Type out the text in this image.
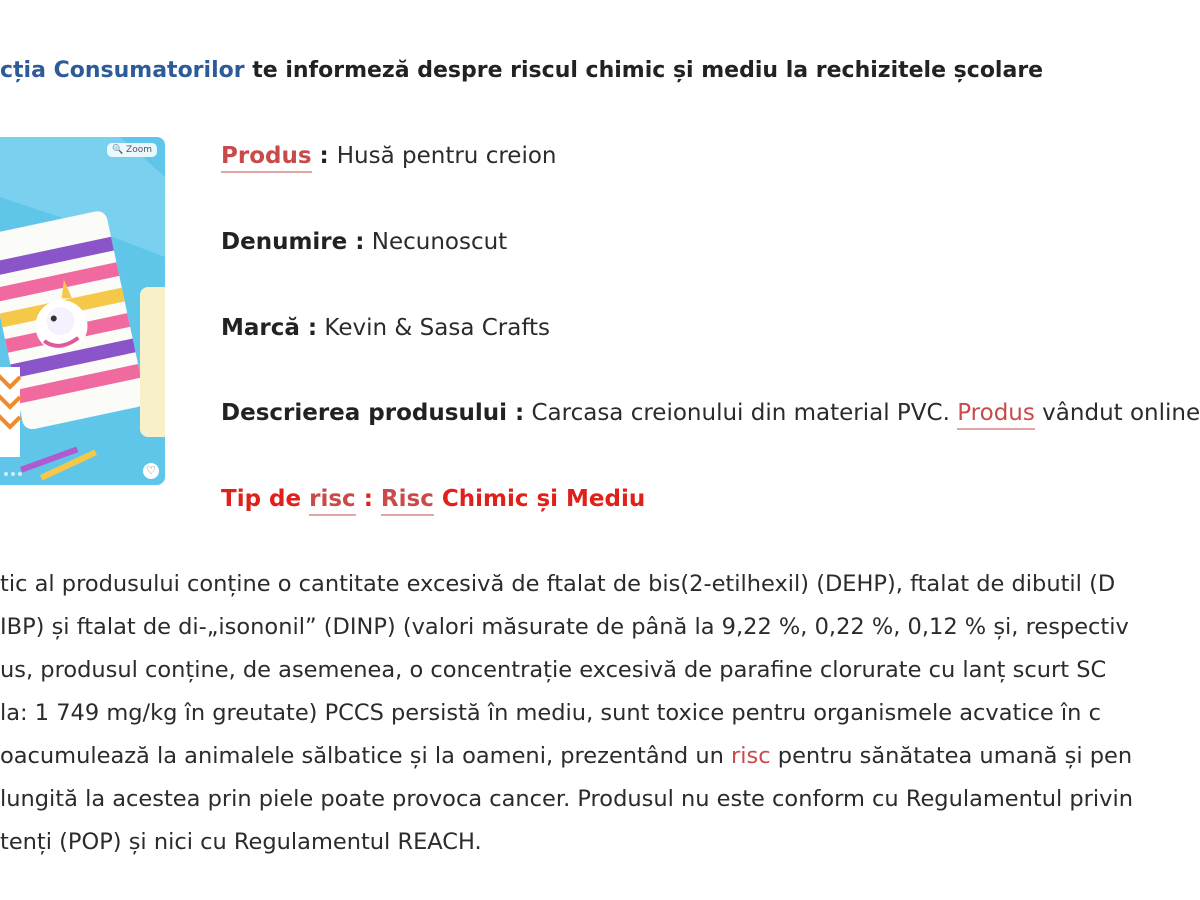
cția Consumatorilor te informeză despre riscul chimic și mediu la rechizitele școlare
🔍 Zoom
♡
Produs : Husă pentru creion
Denumire : Necunoscut
Marcă : Kevin & Sasa Crafts
Descrierea produsului : Carcasa creionului din material PVC. Produs vândut online
Tip de risc : Risc Chimic și Mediu
tic al produsului conține o cantitate excesivă de ftalat de bis(2-etilhexil) (DEHP), ftalat de dibutil (D
IBP) și ftalat de di-„isononil” (DINP) (valori măsurate de până la 9,22 %, 0,22 %, 0,12 % și, respectiv
us, produsul conține, de asemenea, o concentrație excesivă de parafine clorurate cu lanț scurt SC
la: 1 749 mg/kg în greutate) PCCS persistă în mediu, sunt toxice pentru organismele acvatice în c
oacumulează la animalele sălbatice și la oameni, prezentând un risc pentru sănătatea umană și pen
lungită la acestea prin piele poate provoca cancer. Produsul nu este conform cu Regulamentul privin
tenți (POP) și nici cu Regulamentul REACH.
